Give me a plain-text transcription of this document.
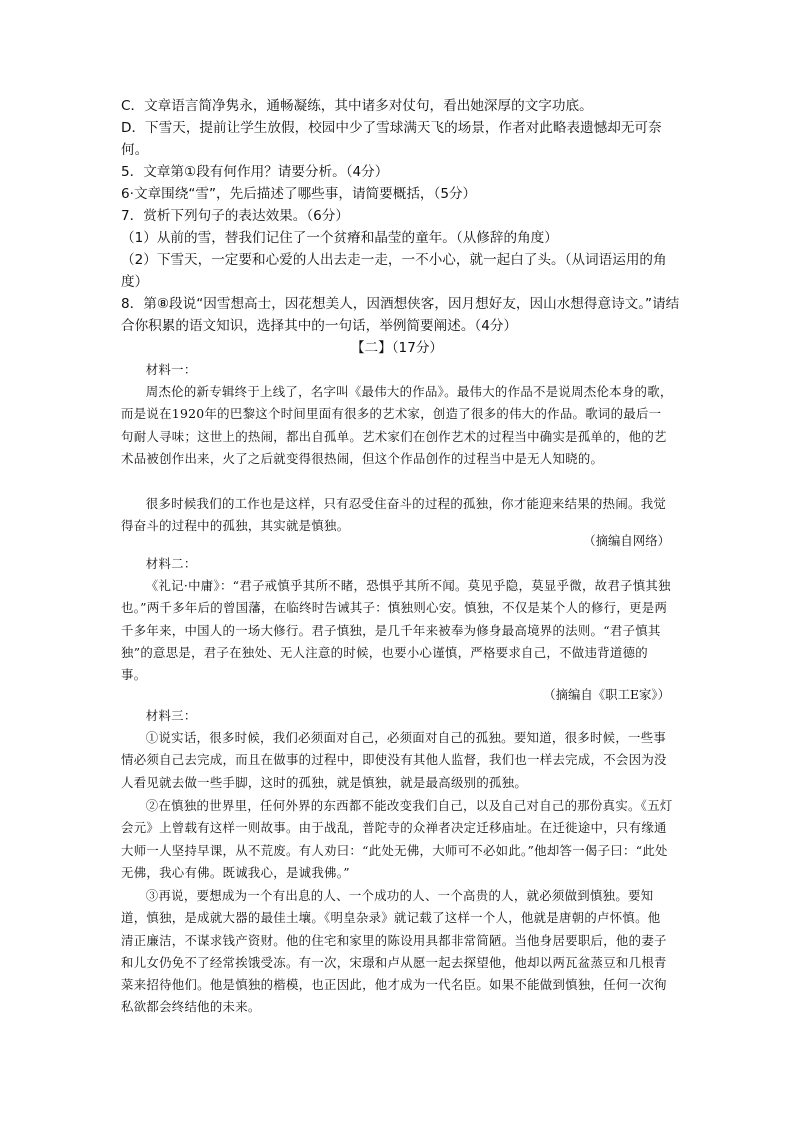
C．文章语言简净隽永，通畅凝练，其中诸多对仗句，看出她深厚的文字功底。

D．下雪天，提前让学生放假，校园中少了雪球满天飞的场景，作者对此略表遗憾却无可奈何。

5．文章第①段有何作用？请要分析。（4分）

6·文章围绕“雪”，先后描述了哪些事，请简要概括，（5分）

7．赏析下列句子的表达效果。（6分）

（1）从前的雪，替我们记住了一个贫瘠和晶莹的童年。（从修辞的角度）

（2）下雪天，一定要和心爱的人出去走一走，一不小心，就一起白了头。（从词语运用的角度）

8．第⑧段说“因雪想高士，因花想美人，因酒想侠客，因月想好友，因山水想得意诗文。”请结合你积累的语文知识，选择其中的一句话，举例简要阐述。（4分）

【二】（17分）

材料一：

周杰伦的新专辑终于上线了，名字叫《最伟大的作品》。最伟大的作品不是说周杰伦本身的歌，而是说在1920年的巴黎这个时间里面有很多的艺术家，创造了很多的伟大的作品。歌词的最后一句耐人寻味；这世上的热闹，都出自孤单。艺术家们在创作艺术的过程当中确实是孤单的，他的艺术品被创作出来，火了之后就变得很热闹，但这个作品创作的过程当中是无人知晓的。

很多时候我们的工作也是这样，只有忍受住奋斗的过程的孤独，你才能迎来结果的热闹。我觉得奋斗的过程中的孤独，其实就是慎独。

（摘编自网络）

材料二：

《礼记·中庸》：“君子戒慎乎其所不睹，恐惧乎其所不闻。莫见乎隐，莫显乎微，故君子慎其独也。”两千多年后的曾国藩，在临终时告诫其子：慎独则心安。慎独，不仅是某个人的修行，更是两千多年来，中国人的一场大修行。君子慎独，是几千年来被奉为修身最高境界的法则。“君子慎其独”的意思是，君子在独处、无人注意的时候，也要小心谨慎，严格要求自己，不做违背道德的事。

（摘编自《职工E家》）

材料三：

①说实话，很多时候，我们必须面对自己，必须面对自己的孤独。要知道，很多时候，一些事情必须自己去完成，而且在做事的过程中，即使没有其他人监督，我们也一样去完成，不会因为没人看见就去做一些手脚，这时的孤独，就是慎独，就是最高级别的孤独。

②在慎独的世界里，任何外界的东西都不能改变我们自己，以及自己对自己的那份真实。《五灯会元》上曾载有这样一则故事。由于战乱，普陀寺的众禅者决定迁移庙址。在迁徙途中，只有缘通大师一人坚持早课，从不荒废。有人劝曰：“此处无佛，大师可不必如此。”他却答一偈子曰：“此处无佛，我心有佛。既诚我心，是诚我佛。”

③再说，要想成为一个有出息的人、一个成功的人、一个高贵的人，就必须做到慎独。要知道，慎独，是成就大器的最佳土壤。《明皇杂录》就记载了这样一个人，他就是唐朝的卢怀慎。他清正廉洁，不谋求钱产资财。他的住宅和家里的陈设用具都非常简陋。当他身居要职后，他的妻子和儿女仍免不了经常挨饿受冻。有一次，宋璟和卢从愿一起去探望他，他却以两瓦盆蒸豆和几根青菜来招待他们。他是慎独的楷模，也正因此，他才成为一代名臣。如果不能做到慎独，任何一次徇私欲都会终结他的未来。
